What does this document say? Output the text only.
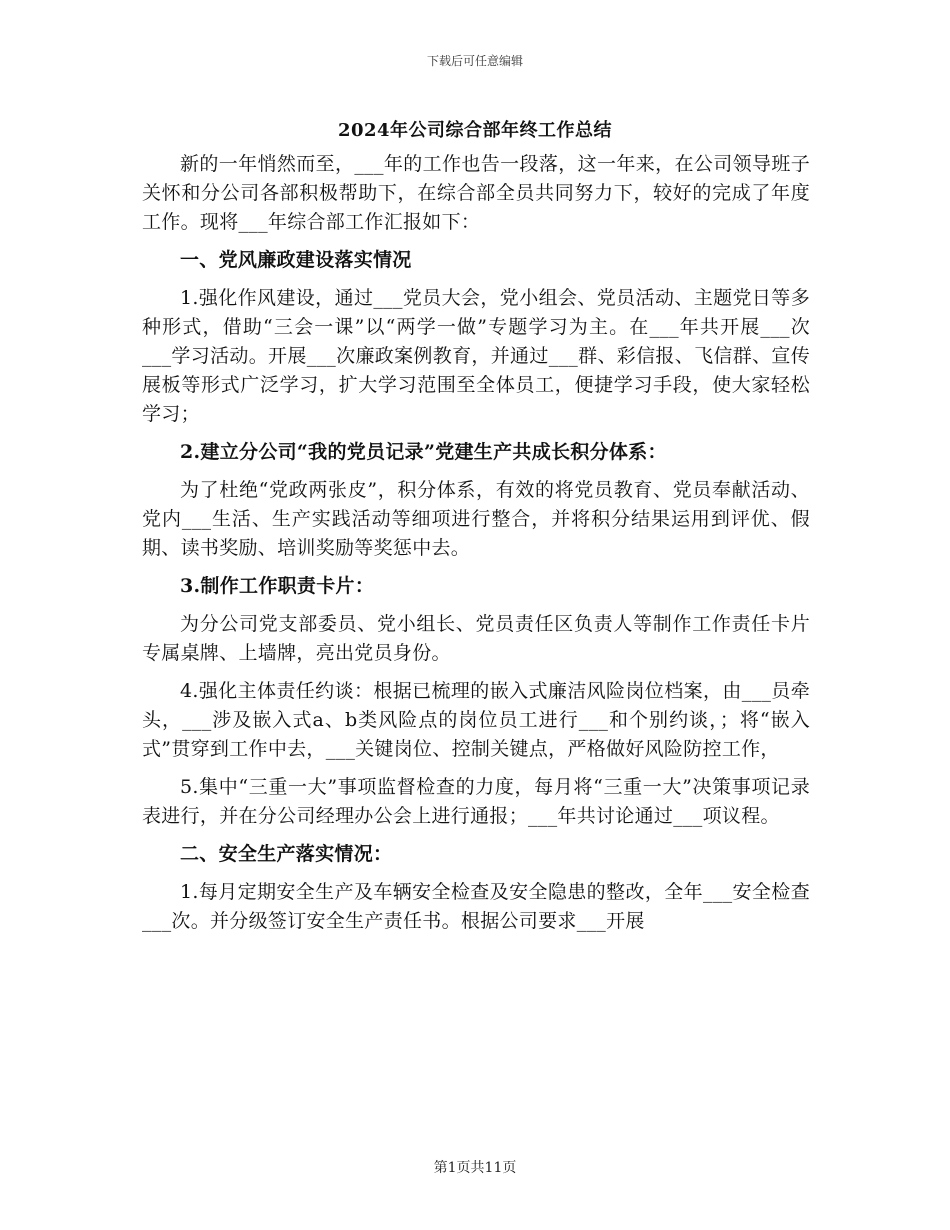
下载后可任意编辑
2024年公司综合部年终工作总结

新的一年悄然而至，___年的工作也告一段落，这一年来，在公司领导班子关怀和分公司各部积极帮助下，在综合部全员共同努力下，较好的完成了年度工作。现将___年综合部工作汇报如下：

一、党风廉政建设落实情况

1.强化作风建设，通过___党员大会，党小组会、党员活动、主题党日等多种形式，借助“三会一课”以“两学一做”专题学习为主。在___年共开展___次___学习活动。开展___次廉政案例教育，并通过___群、彩信报、飞信群、宣传展板等形式广泛学习，扩大学习范围至全体员工，便捷学习手段，使大家轻松学习；

2.建立分公司“我的党员记录”党建生产共成长积分体系：

为了杜绝“党政两张皮”，积分体系，有效的将党员教育、党员奉献活动、党内___生活、生产实践活动等细项进行整合，并将积分结果运用到评优、假期、读书奖励、培训奖励等奖惩中去。

3.制作工作职责卡片：

为分公司党支部委员、党小组长、党员责任区负责人等制作工作责任卡片专属桌牌、上墙牌，亮出党员身份。

4.强化主体责任约谈：根据已梳理的嵌入式廉洁风险岗位档案，由___员牵头，___涉及嵌入式a、b类风险点的岗位员工进行___和个别约谈，；将“嵌入式”贯穿到工作中去，___关键岗位、控制关键点，严格做好风险防控工作，

5.集中“三重一大”事项监督检查的力度，每月将“三重一大”决策事项记录表进行，并在分公司经理办公会上进行通报；___年共讨论通过___项议程。

二、安全生产落实情况：

1.每月定期安全生产及车辆安全检查及安全隐患的整改，全年___安全检查___次。并分级签订安全生产责任书。根据公司要求___开展

第1页共11页
